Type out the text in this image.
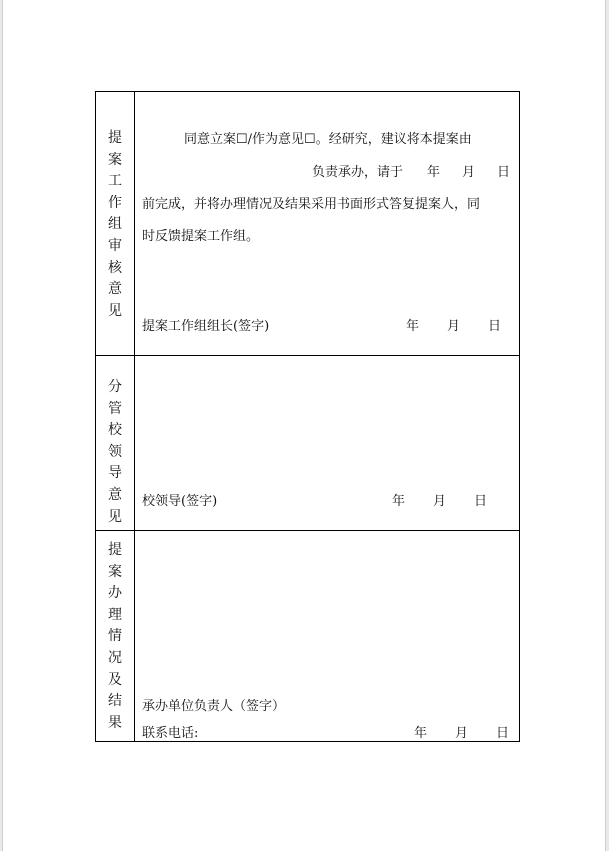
提
案
工
作
组
审
核
意
见
同意立案☐/作为意见☐。经研究，建议将本提案由
负责承办，请于 年 月 日
前完成，并将办理情况及结果采用书面形式答复提案人，同
时反馈提案工作组。
提案工作组组长(签字)	年 月 日
分
管
校
领
导
意
见
校领导(签字)	年 月 日
提
案
办
理
情
况
及
结
果
承办单位负责人（签字）
联系电话:	年 月 日
